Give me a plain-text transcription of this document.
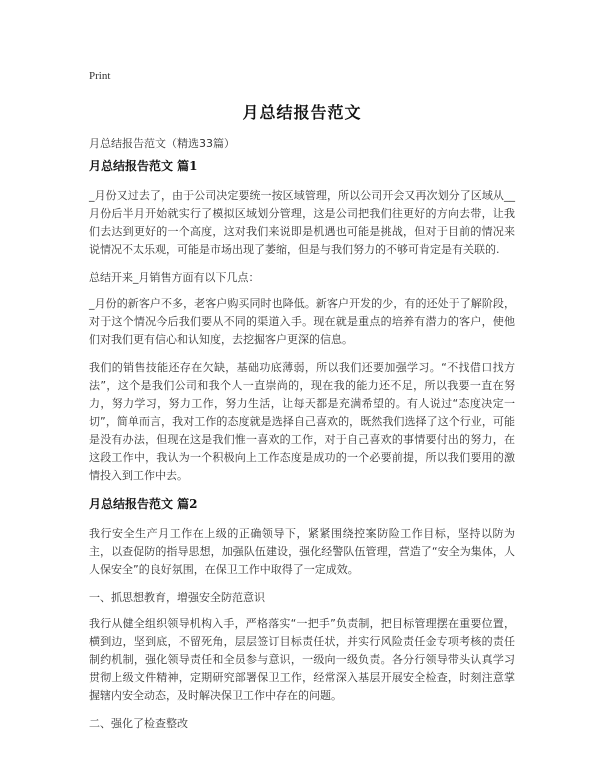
Print
月总结报告范文
月总结报告范文（精选33篇）
月总结报告范文 篇1

_月份又过去了，由于公司决定要统一按区域管理，所以公司开会又再次划分了区域从__月份后半月开始就实行了模拟区域划分管理，这是公司把我们往更好的方向去带，让我们去达到更好的一个高度，这对我们来说即是机遇也可能是挑战，但对于目前的情况来说情况不太乐观，可能是市场出现了萎缩，但是与我们努力的不够可肯定是有关联的.

总结开来_月销售方面有以下几点：

_月份的新客户不多，老客户购买同时也降低。新客户开发的少，有的还处于了解阶段，对于这个情况今后我们要从不同的渠道入手。现在就是重点的培养有潜力的客户，使他们对我们更有信心和认知度，去挖掘客户更深的信息。

我们的销售技能还存在欠缺，基础功底薄弱，所以我们还要加强学习。“不找借口找方法”，这个是我们公司和我个人一直崇尚的，现在我的能力还不足，所以我要一直在努力，努力学习，努力工作，努力生活，让每天都是充满希望的。有人说过“态度决定一切”，简单而言，我对工作的态度就是选择自己喜欢的，既然我们选择了这个行业，可能是没有办法，但现在这是我们惟一喜欢的工作，对于自己喜欢的事情要付出的努力，在这段工作中，我认为一个积极向上工作态度是成功的一个必要前提，所以我们要用的激情投入到工作中去。

月总结报告范文 篇2

我行安全生产月工作在上级的正确领导下，紧紧围绕控案防险工作目标，坚持以防为主，以查促防的指导思想，加强队伍建设，强化经警队伍管理，营造了“安全为集体，人人保安全”的良好氛围，在保卫工作中取得了一定成效。

一、抓思想教育，增强安全防范意识

我行从健全组织领导机构入手，严格落实“一把手”负责制，把目标管理摆在重要位置，横到边，坚到底，不留死角，层层签订目标责任状，并实行风险责任金专项考核的责任制约机制，强化领导责任和全员参与意识，一级向一级负责。各分行领导带头认真学习贯彻上级文件精神，定期研究部署保卫工作，经常深入基层开展安全检查，时刻注意掌握辖内安全动态，及时解决保卫工作中存在的问题。

二、强化了检查整改
